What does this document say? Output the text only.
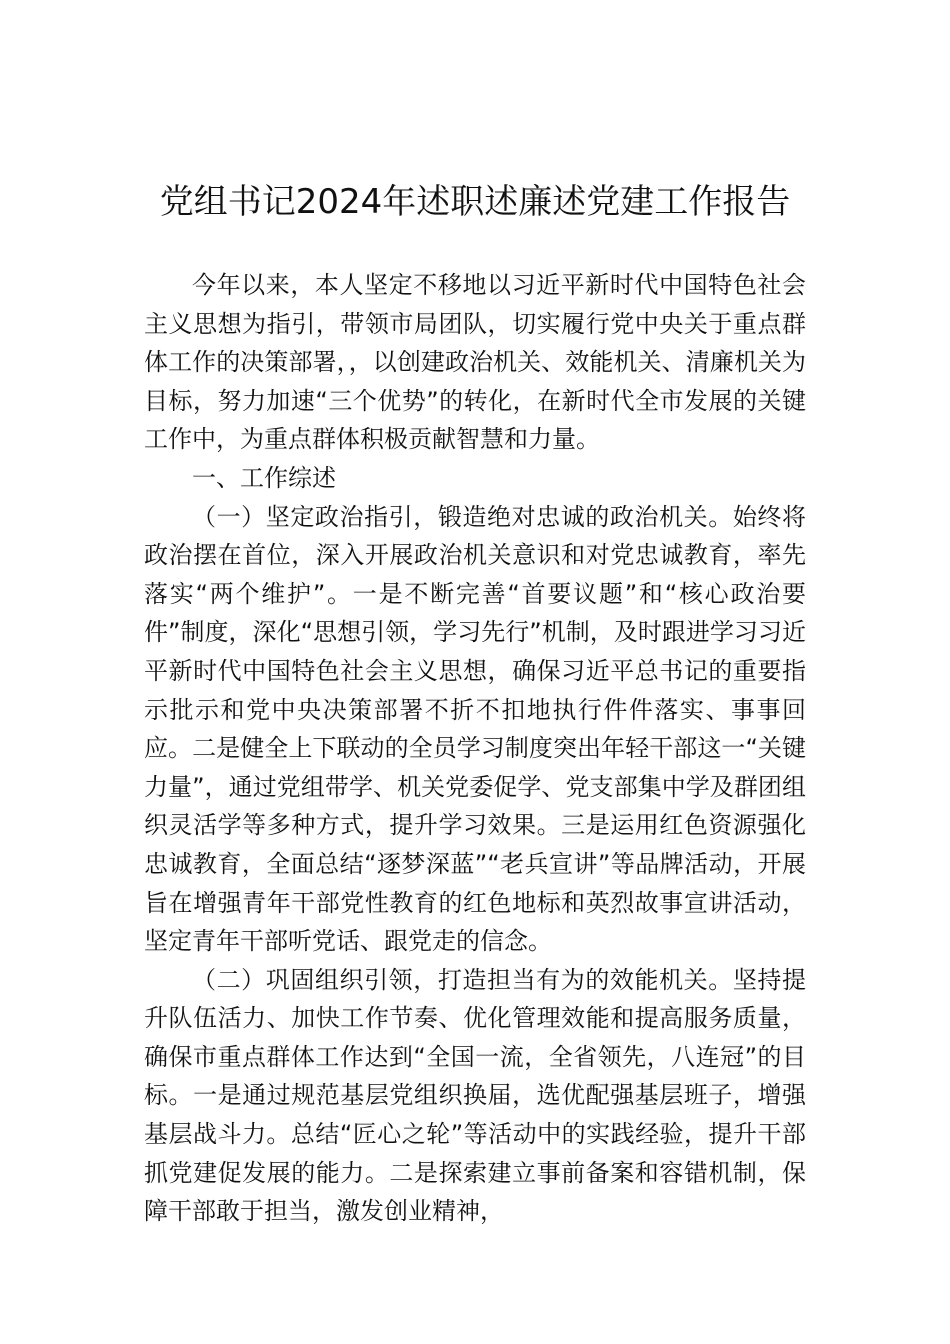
党组书记2024年述职述廉述党建工作报告

今年以来，本人坚定不移地以习近平新时代中国特色社会主义思想为指引，带领市局团队，切实履行党中央关于重点群体工作的决策部署，，以创建政治机关、效能机关、清廉机关为目标，努力加速“三个优势”的转化，在新时代全市发展的关键工作中，为重点群体积极贡献智慧和力量。

一、工作综述

（一）坚定政治指引，锻造绝对忠诚的政治机关。始终将政治摆在首位，深入开展政治机关意识和对党忠诚教育，率先落实“两个维护”。一是不断完善“首要议题”和“核心政治要件”制度，深化“思想引领，学习先行”机制，及时跟进学习习近平新时代中国特色社会主义思想，确保习近平总书记的重要指示批示和党中央决策部署不折不扣地执行件件落实、事事回应。二是健全上下联动的全员学习制度突出年轻干部这一“关键力量”，通过党组带学、机关党委促学、党支部集中学及群团组织灵活学等多种方式，提升学习效果。三是运用红色资源强化忠诚教育，全面总结“逐梦深蓝”“老兵宣讲”等品牌活动，开展旨在增强青年干部党性教育的红色地标和英烈故事宣讲活动，坚定青年干部听党话、跟党走的信念。

（二）巩固组织引领，打造担当有为的效能机关。坚持提升队伍活力、加快工作节奏、优化管理效能和提高服务质量，确保市重点群体工作达到“全国一流，全省领先，八连冠”的目标。一是通过规范基层党组织换届，选优配强基层班子，增强基层战斗力。总结“匠心之轮”等活动中的实践经验，提升干部抓党建促发展的能力。二是探索建立事前备案和容错机制，保障干部敢于担当，激发创业精神，
